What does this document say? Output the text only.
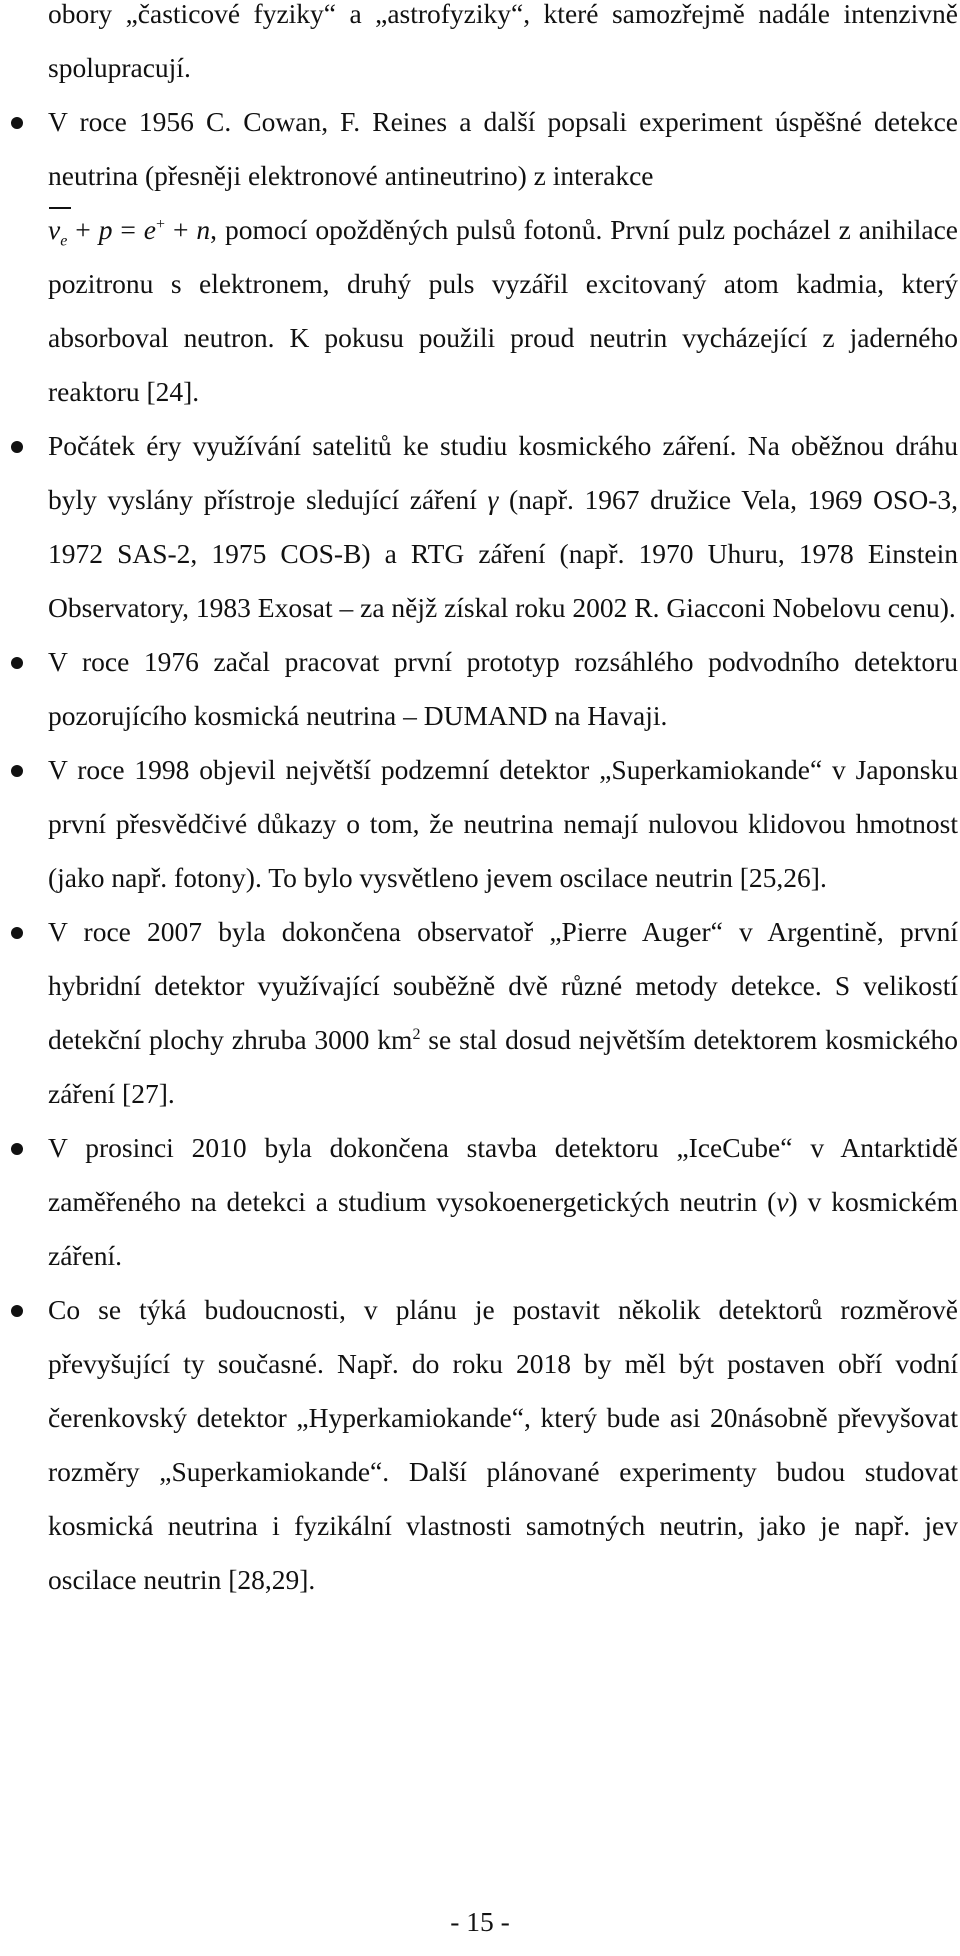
obory „časticové fyziky“ a „astrofyziky“, které samozřejmě nadále intenzivně spolupracují.

V roce 1956 C. Cowan, F. Reines a další popsali experiment úspěšné detekce neutrina (přesněji elektronové antineutrino) z interakce
$\nu_e + p = e^+ + n$, pomocí opožděných pulsů fotonů. První pulz pocházel z anihilace pozitronu s elektronem, druhý puls vyzářil excitovaný atom kadmia, který absorboval neutron. K pokusu použili proud neutrin vycházející z jaderného reaktoru [24].
Počátek éry využívání satelitů ke studiu kosmického záření. Na oběžnou dráhu byly vyslány přístroje sledující záření γ (např. 1967 družice Vela, 1969 OSO-3, 1972 SAS-2, 1975 COS-B) a RTG záření (např. 1970 Uhuru, 1978 Einstein Observatory, 1983 Exosat – za nějž získal roku 2002 R. Giacconi Nobelovu cenu).
V roce 1976 začal pracovat první prototyp rozsáhlého podvodního detektoru pozorujícího kosmická neutrina – DUMAND na Havaji.
V roce 1998 objevil největší podzemní detektor „Superkamiokande“ v Japonsku první přesvědčivé důkazy o tom, že neutrina nemají nulovou klidovou hmotnost (jako např. fotony). To bylo vysvětleno jevem oscilace neutrin [25,26].
V roce 2007 byla dokončena observatoř „Pierre Auger“ v Argentině, první hybridní detektor využívající souběžně dvě různé metody detekce. S velikostí detekční plochy zhruba 3000 $km^2$ se stal dosud největším detektorem kosmického záření [27].
V prosinci 2010 byla dokončena stavba detektoru „IceCube“ v Antarktidě zaměřeného na detekci a studium vysokoenergetických neutrin (ν) v kosmickém záření.
Co se týká budoucnosti, v plánu je postavit několik detektorů rozměrově převyšující ty současné. Např. do roku 2018 by měl být postaven obří vodní čerenkovský detektor „Hyperkamiokande“, který bude asi 20násobně převyšovat rozměry „Superkamiokande“. Další plánované experimenty budou studovat kosmická neutrina i fyzikální vlastnosti samotných neutrin, jako je např. jev oscilace neutrin [28,29].
- 15 -
